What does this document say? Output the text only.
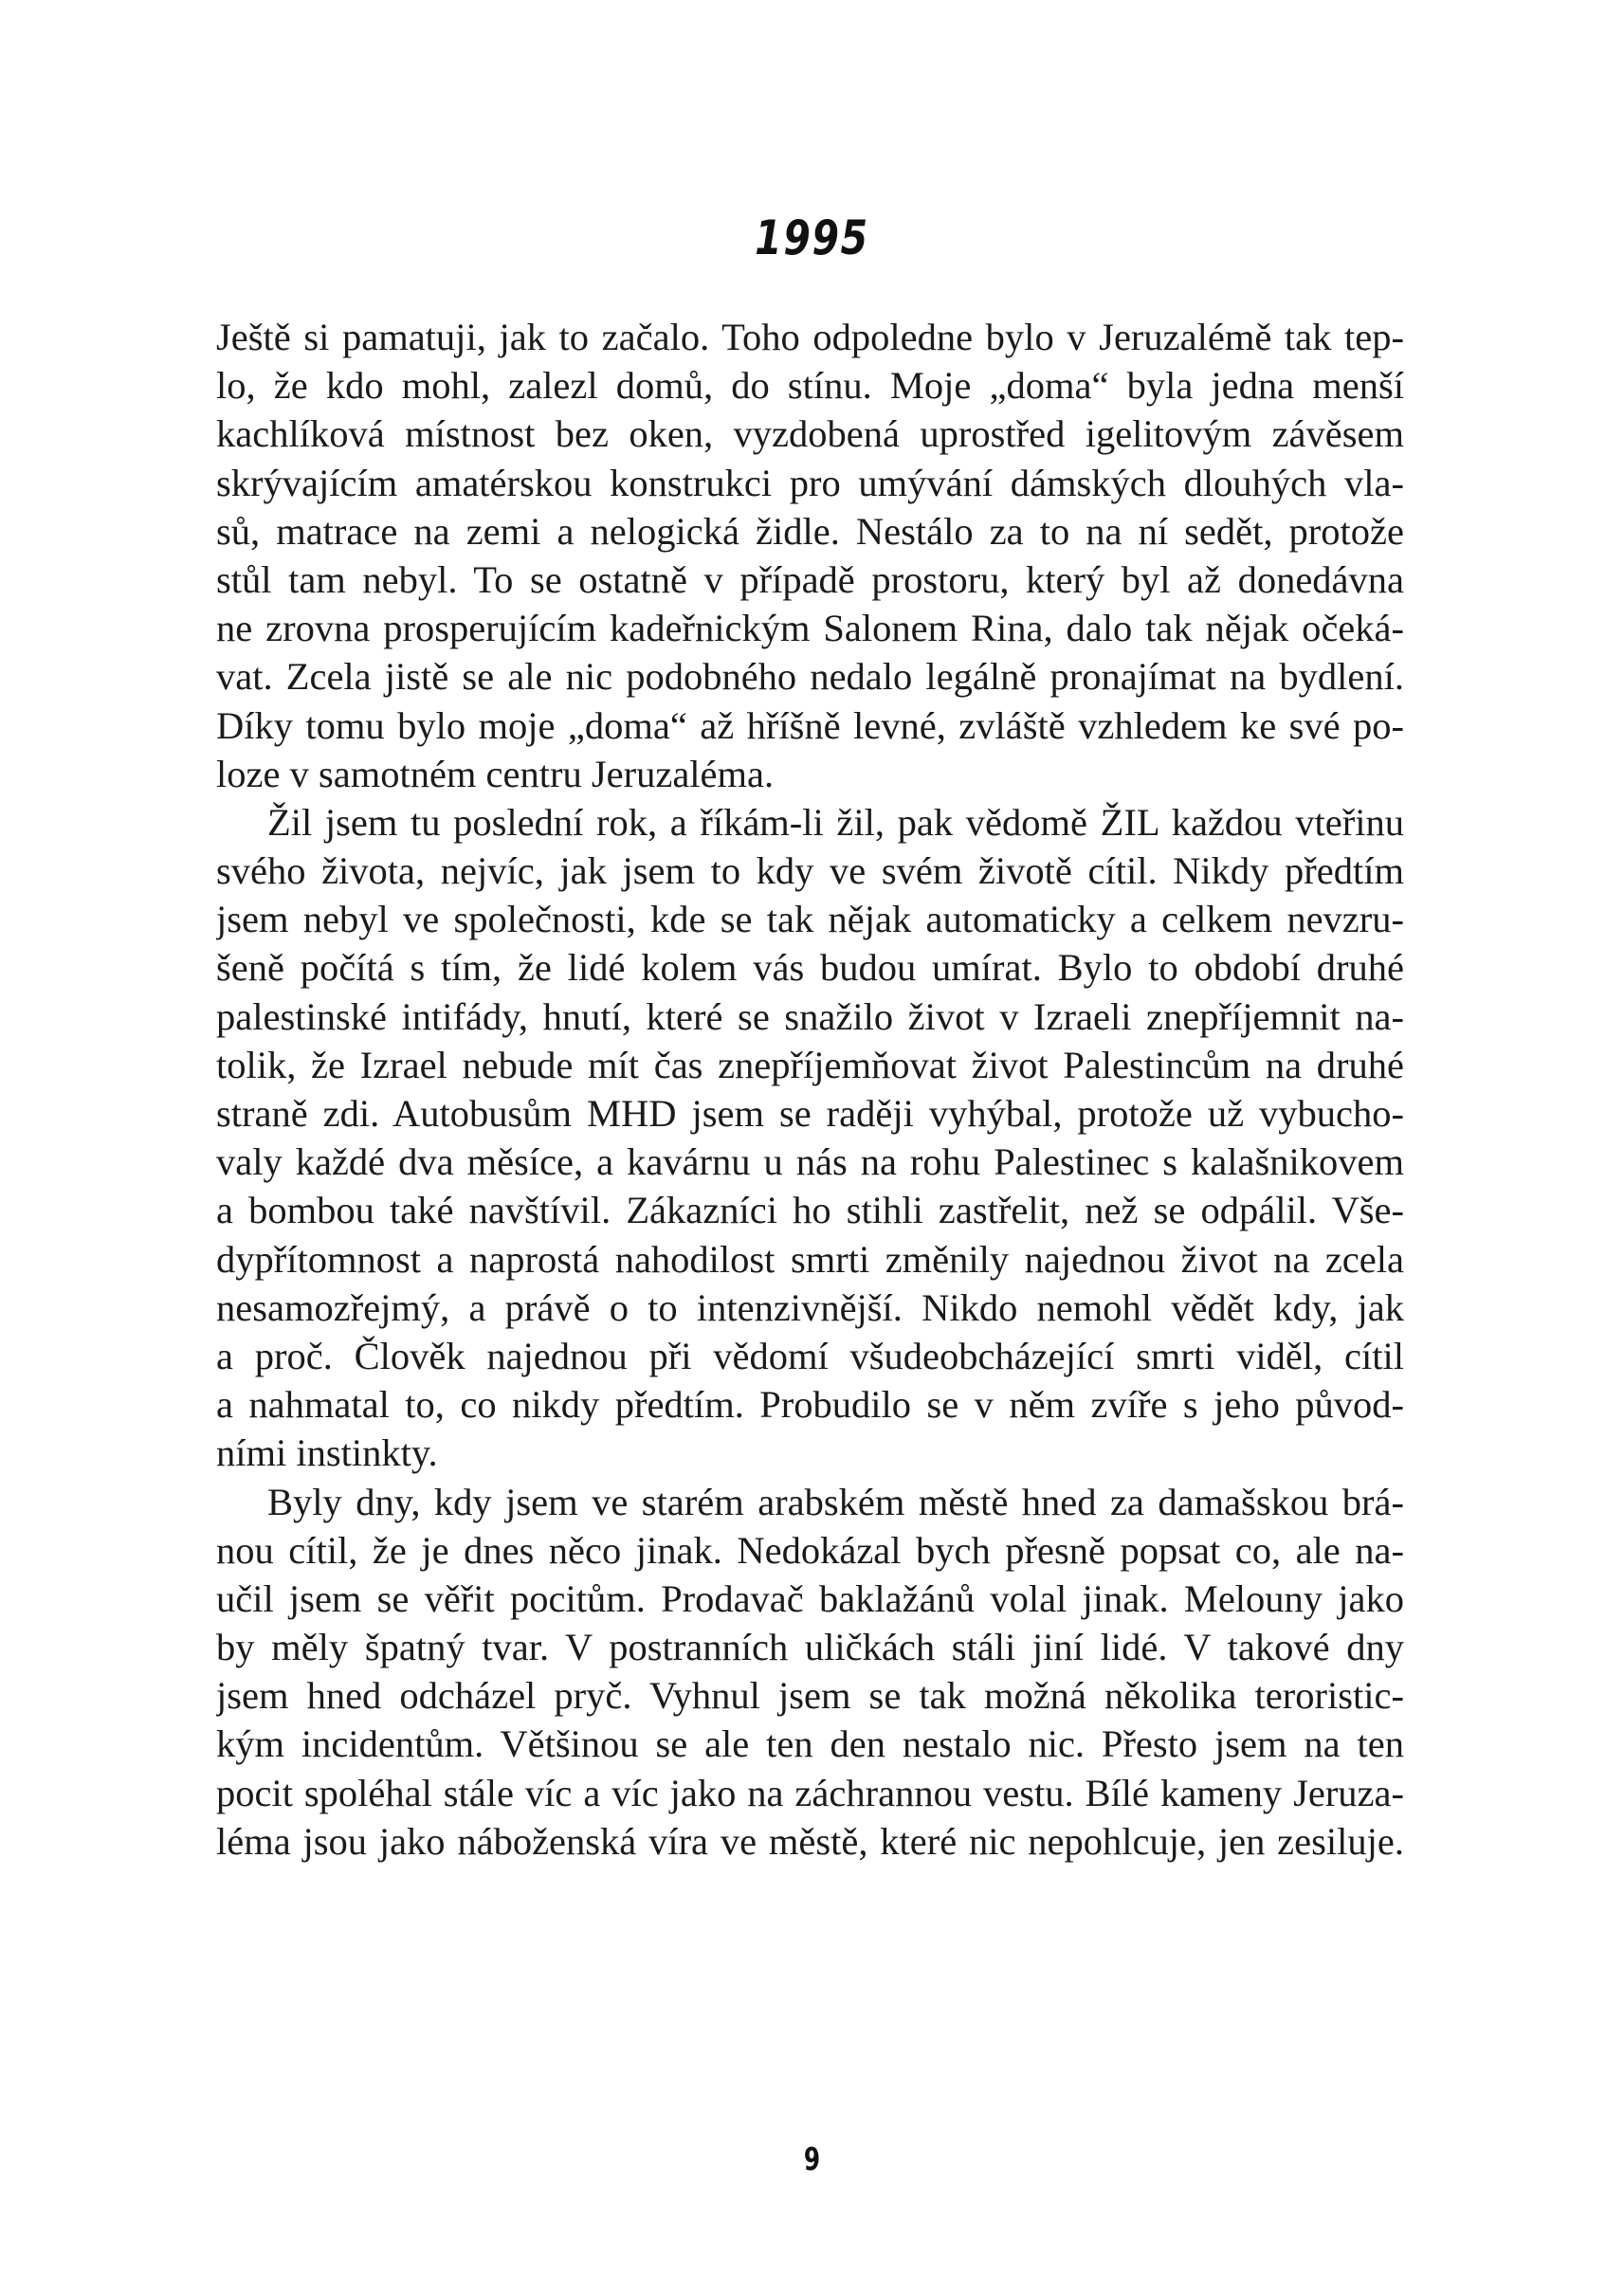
1995
Ještě si pamatuji, jak to začalo. Toho odpoledne bylo v Jeruzalémě tak tep-
lo, že kdo mohl, zalezl domů, do stínu. Moje „doma“ byla jedna menší
kachlíková místnost bez oken, vyzdobená uprostřed igelitovým závěsem
skrývajícím amatérskou konstrukci pro umývání dámských dlouhých vla-
sů, matrace na zemi a nelogická židle. Nestálo za to na ní sedět, protože
stůl tam nebyl. To se ostatně v případě prostoru, který byl až donedávna
ne zrovna prosperujícím kadeřnickým Salonem Rina, dalo tak nějak očeká-
vat. Zcela jistě se ale nic podobného nedalo legálně pronajímat na bydlení.
Díky tomu bylo moje „doma“ až hříšně levné, zvláště vzhledem ke své po-
loze v samotném centru Jeruzaléma.
Žil jsem tu poslední rok, a říkám-li žil, pak vědomě ŽIL každou vteřinu
svého života, nejvíc, jak jsem to kdy ve svém životě cítil. Nikdy předtím
jsem nebyl ve společnosti, kde se tak nějak automaticky a celkem nevzru-
šeně počítá s tím, že lidé kolem vás budou umírat. Bylo to období druhé
palestinské intifády, hnutí, které se snažilo život v Izraeli znepříjemnit na-
tolik, že Izrael nebude mít čas znepříjemňovat život Palestincům na druhé
straně zdi. Autobusům MHD jsem se raději vyhýbal, protože už vybucho-
valy každé dva měsíce, a kavárnu u nás na rohu Palestinec s kalašnikovem
a bombou také navštívil. Zákazníci ho stihli zastřelit, než se odpálil. Vše-
dypřítomnost a naprostá nahodilost smrti změnily najednou život na zcela
nesamozřejmý, a právě o to intenzivnější. Nikdo nemohl vědět kdy, jak
a proč. Člověk najednou při vědomí všudeobcházející smrti viděl, cítil
a nahmatal to, co nikdy předtím. Probudilo se v něm zvíře s jeho původ-
ními instinkty.
Byly dny, kdy jsem ve starém arabském městě hned za damašskou brá-
nou cítil, že je dnes něco jinak. Nedokázal bych přesně popsat co, ale na-
učil jsem se věřit pocitům. Prodavač baklažánů volal jinak. Melouny jako
by měly špatný tvar. V postranních uličkách stáli jiní lidé. V takové dny
jsem hned odcházel pryč. Vyhnul jsem se tak možná několika teroristic-
kým incidentům. Většinou se ale ten den nestalo nic. Přesto jsem na ten
pocit spoléhal stále víc a víc jako na záchrannou vestu. Bílé kameny Jeruza-
léma jsou jako náboženská víra ve městě, které nic nepohlcuje, jen zesiluje.
9
